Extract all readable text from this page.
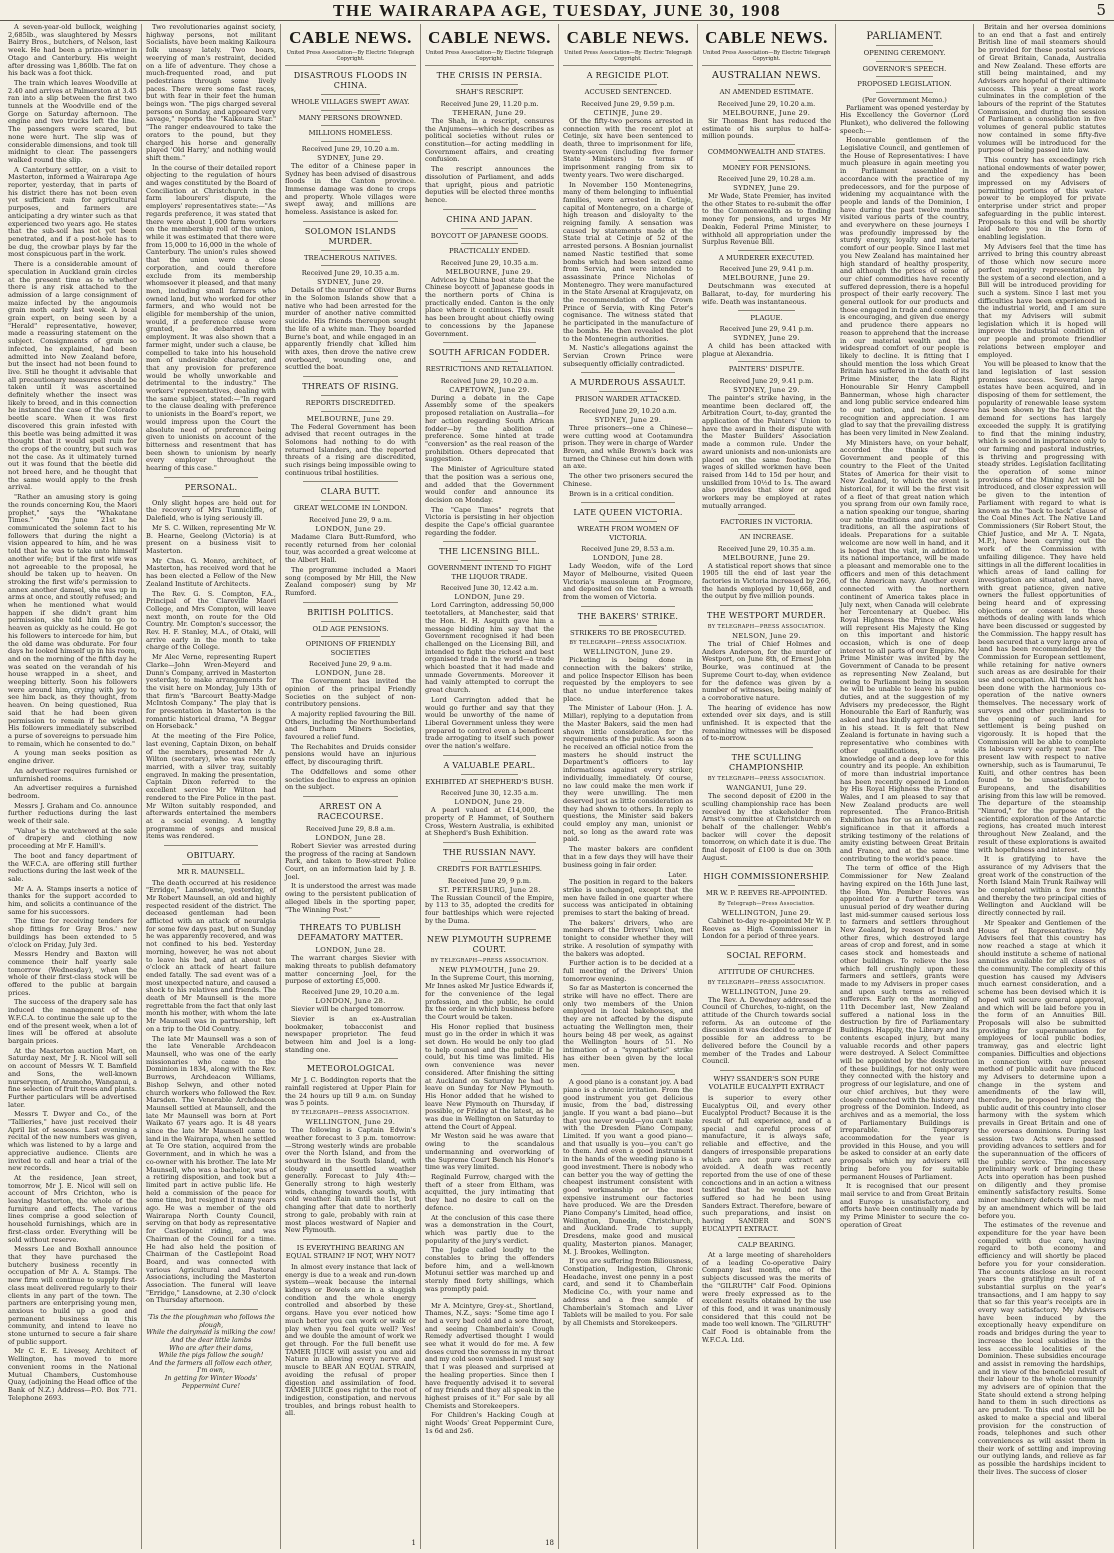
THE WAIRARAPA AGE, TUESDAY, JUNE 30, 1908	5

A seven-year-old bullock, weighing 2,685lb., was slaughtered by Messrs Bairry Bros., butchers, of Nelson, last week. He had been a prize-winner in Otago and Canterbury. His weight after dressing was 1,860lb. The fat on his back was a foot thick.

The train which leaves Woodville at 2.40 and arrives at Palmerston at 3.45 ran into a slip between the first two tunnels at the Woodville end of the Gorge on Saturday afternoon. The engine and two trucks left the line. The passengers were scared, but none were hurt. The slip was of considerable dimensions, and took till midnight to clear. The passengers walked round the slip.

A Canterbury settler, on a visit to Masterton, informed a Wairarapa Age reporter, yesterday, that in parts of his district there has not been even yet sufficient rain for agricultural purposes, and farmers are anticipating a dry winter such as that experienced two years ago. He states that the sub-soil has not yet been penetrated, and if a post-hole has to be dug, the crowbar plays by far the most conspicuous part in the work.

There is a considerable amount of speculation in Auckland grain circles at the present time as to whether there is any risk attached to the admission of a large consignment of maize infected by the angoumois grain moth early last week. A local grain expert, on being seen by a "Herald" representative, however, made a reassuring statement on the subject. Consignments of grain so infected, he explained, had been admitted into New Zealand before, but the insect had not been found to live. Still he thought it advisable that all precautionary measures should be taken until it was ascertained definitely whether the insect was likely to breed, and in this connection he instanced the case of the Colorado beetle scare. When it was first discovered this grain infested with this beetle was being admitted it was thought that it would spell ruin for the crops of the country, but such was not the case. As it ultimately turned out it was found that the beetle did not breed here, and he thought that the same would apply to the fresh arrival.

"Rather an amusing story is going the rounds concerning Kou, the Maori prophet," says the "Whakatane Times." "On June 21st he communicated the solemn fact to his followers that during the night a vision appeared to him, and he was told that he was to take unto himself another wife; but if the first wife was not agreeable to the proposal, he should be taken up to heaven. On stroking the first wife's permission to annex another damsel, she was up in arms at once, and stoutly refused; and when he mentioned what would happen if she didn't grant him permission, she told him to go to heaven as quickly as he could. He got his followers to intercede for him, but the old dame was obdurate. For four days he looked himself up in his room, and on the morning of the fifth day he was seated on the verandah of his house wrapped in a sheet, and weeping bitterly. Soon his followers were around him, crying with joy to see him back, as they thought, from heaven. On being questioned, Rua said that he had been given permission to remain if he wished. His followers immediately subscribed a purse of sovereigns to persuade him to remain, which he consented to do."

A young man seeks position as engine driver.

An advertiser requires furnished or unfurnished rooms.

An advertiser requires a furnished bedroom.

Messrs J. Graham and Co. announce further reductions during the last week of their sale.

"Value" is the watchword at the sale of drapery and clothing now proceeding at Mr F. Hamill's.

The boot and fancy department of the W.F.C.A. are offering still further reductions during the last week of the sale.

Mr A. A. Stamps inserts a notice of thanks for the support accorded to him, and solicits a continuance of the same for his successors.

The time for receiving tenders for shop fittings for Gray Bros.' new buildings has been extended to 5 o'clock on Friday, July 3rd.

Messrs Hendry and Baxton will commence their half yearly sale tomorrow (Wednesday), when the whole of their first-class stock will be offered to the public at bargain prices.

The success of the drapery sale has induced the management of the W.F.C.A. to continue the sale up to the end of the present week, when a lot of lines will be offered at absolute bargain prices.

At the Masterton auction Mart, on Saturday next, Mr J. R. Nicol will sell on account of Messrs W. T. Bamfield and Sons, the well-known nurserymen, of Aramoho, Wanganui, a fine selection of fruit trees and plants. Further particulars will be advertised later.

Messrs T. Dwyer and Co., of the "Tallieries," have just received their April list of seasons. Last evening a recital of the new numbers was given, which was listened to by a large and appreciative audience. Clients are invited to call and hear a trial of the new records.

At the residence, Jean street, tomorrow, Mr J. E. Nicol will sell on account of Mrs Crichton, who is leaving Masterton, the whole of the furniture and effects. The various lines comprise a good selection of household furnishings, which are in first-class order. Everything will be sold without reserve.

Messrs Lee and Boxhall announce that they have purchased the butchery business recently in occupation of Mr A. A. Stamps. The new firm will continue to supply first-class meat delivered regularly to their clients in any part of the town. The partners are enterprising young men, anxious to build up a good and permanent business in this community, and intend to leave no stone unturned to secure a fair share of public support.

Mr C. E. E. Livesey, Architect of Wellington, has moved to more convenient rooms in the National Mutual Chambers, Customhouse Quay, (adjoining the Head office of the Bank of N.Z.) Address—P.O. Box 771. Telephone 2693.

Two revolutionaries against society, highway persons, not militant Socialists, have been making Kaikoura folk uneasy lately. Two boars, weerying of man's restraint, decided on a life of adventure. They chose a much-frequented road, and put pedestrians through some lively paces. There were some fast races, but with fear in their feet the human beings won. "The pigs charged several persons on Sunday, and appeared very savage," reports the "Kaikoura Star." "The ranger endeavoured to take the orators to the pound, but they charged his horse and generally played 'Old Harry,' and nothing would shift them."

In the course of their detailed report objecting to the regulation of hours and wages constituted by the Board of Conciliation at Christchurch in the farm labourers' dispute, the employers' representatives state:—"As regards preference, it was stated that there were about 1,600 farm workers on the membership roll of the union, while it was estimated that there were from 15,000 to 16,000 in the whole of Canterbury. The union's rules showed that the union were a close corporation, and could therefore exclude from its membership whomsoever it pleased, and that many men, including small farmers who owned land, but who worked for other farmers, and who would not be eligible for membership of the union, would, if a preference clause were granted, be debarred from employment. It was also shown that a farmer might, under such a clause, be compelled to take into his household men of undesirable character, and that any provision for preference would be wholly unworkable and detrimental to the industry." The workers' representatives, dealing with the same subject, stated:—"In regard to the clause dealing with preference to unionists in the Board's report, we would impress upon the Court the absolute need of preference being given to unionists on account of the bitterness and resentment that has been shown to unionism by nearly every employer throughout the hearing of this case."

PERSONAL.

Only slight hopes are held out for the recovery of Mrs Tunnicliffe, of Dalefield, who is lying seriously ill.

Mr S. C. Wilken, representing Mr W. B. Hearne, Geelong (Victoria) is at present on a business visit to Masterton.

Mr Chas. G. Monro, architect, of Masterton, has received word that he has been elected a Fellow of the New Zealand Institute of Architects.

The Rev. G. S. Compton, F.A., Principal of the Clareville Maori College, and Mrs Compton, will leave next month, on route for the Old Country. Mr. Compton's successor, the Rev. H. F. Stanley, M.A., of Otaki, will arrive early in the month to take charge of the College.

Mr Alec Verne, representing Rupert Clarke—John Wren-Meyerd and Dunn's Company, arrived in Masterton yesterday, to make arrangements for the visit here on Monday, July 13th of that firm's "Barcourt Beatty-Madge McIntosh Company." The play that is for presentation in Masterton is the romantic historical drama, "A Beggar on Horseback."

At the meeting of the Fire Police, last evening, Captain Dixon, on behalf of the members, presented Mr A. Wilton (secretary), who was recently married, with a silver tray, suitably engraved. In making the presentation, Captain Dixon referred to the excellent service Mr Wilton had rendered to the Fire Police in the past. Mr Wilton suitably responded, and afterwards entertained the members at a social evening. A lengthy programme of songs and musical items was rendered.

OBITUARY.
MR R. MAUNSELL.

The death occurred at his residence "Erridge," Lansdowne, yesterday, of Mr Robert Maunsell, an old and highly respected resident of the district. The deceased gentleman had been afflicted with an attack of neuralgia for some few days past, but on Sunday he was apparently recovered, and was not confined to his bed. Yesterday morning, however, he was not about to leave his bed, and at about ten o'clock an attack of heart failure ended fatally. The sad event was of a most unexpected nature, and caused a shock to his relatives and friends. The death of Mr Maunsell is the more regrettable from the fact that only last month his mother, with whom the late Mr Maunsell was in partnership, left on a trip to the Old Country.

The late Mr Maunsell was a son of the late Venerable Archdeacon Maunsell, who was one of the early missionaries who came to the Dominion in 1834, along with the Rev. Burrows, Archdeacon Williams, Bishop Selwyn, and other noted church workers who followed the Rev. Marsden. The Venerable Archdeacon Maunsell settled at Maunsell, and the late Mr Maunsell was born at Port Waikato 67 years ago. It is 48 years since the late Mr Maunsell came to land in the Wairarapa, when he settled at Te Ore station, acquired from the Government, and in which he was a co-owner with his brother. The late Mr Maunsell, who was a bachelor, was of a retiring disposition, and took but a limited part in active public life. He held a commission of the peace for some time, but resigned it many years ago. He was a member of the old Wairarapa North County Council, serving on that body as representative for Castlepoint riding, and was Chairman of the Council for a time. He had also held the position of Chairman of the Castlepoint Road Board, and was connected with various Agricultural and Pastoral Associations, including the Masterton Association. The funeral will leave "Erridge," Lansdowne, at 2.30 o'clock on Thursday afternoon.

'Tis the the ploughman who follows the plough,
While the dairymaid is milking the cow!
And the dear little lambs
Who are after their dams,
While the pigs follow the sough!
And the farmers all follow each other,
I'm own,
In getting for Winter Woods' Peppermint Cure!
CABLE NEWS.
United Press Association—By Electric Telegraph Copyright.
DISASTROUS FLOODS IN CHINA.
WHOLE VILLAGES SWEPT AWAY.
MANY PERSONS DROWNED.
MILLIONS HOMELESS.
Received June 29, 10.20 a.m.
SYDNEY, June 29.

The editor of a Chinese paper in Sydney has been advised of disastrous floods in the Canton province. Immense damage was done to crops and property. Whole villages were swept away, and millions are homeless. Assistance is asked for.

SOLOMON ISLANDS MURDER.
TREACHEROUS NATIVES.
Received June 29, 10.35 a.m.
SYDNEY, June 29.

Details of the murder of Oliver Burns in the Solomon Islands show that a native who had been arrested for the murder of another native committed suicide. His friends thereupon sought the life of a white man. They boarded Burne's boat, and while engaged in an apparently friendly chat killed him with axes, then drove the native crew overboard, wounding one, and scuttled the boat.

THREATS OF RISING.
REPORTS DISCREDITED.
MELBOURNE, June 29.

The Federal Government has been advised that recent outrages in the Solomons had nothing to do with returned Islanders, and the reported threats of a rising are discredited, such risings being impossible owing to continuous tribal hostilities.

CLARA BUTT.
GREAT WELCOME IN LONDON.
Received June 29, 9 a.m.
LONDON, June 29.

Madame Clara Butt-Rumford, who recently returned from her colonial tour, was accorded a great welcome at the Albert Hall.

The programme included a Maori song (composed by Mr Hill, the New Zealand composer) sung by Mr Rumford.

BRITISH POLITICS.
OLD AGE PENSIONS.
OPINIONS OF FRIENDLY SOCIETIES
Received June 29, 9 a.m.
LONDON, June 28.

The Government has invited the opinion of the principal Friendly Societies on the subject of non-contributory pensions.

A majority replied favouring the Bill. Others, including the Northumberland and Durham Miners Societies, favoured a relief fund.

The Rechabites and Druids consider pensions would have an injurious effect, by discouraging thrift.

The Oddfellows and some other societies decline to express an opinion on the subject.

ARREST ON A RACECOURSE.
Received June 29, 8.8 a.m.
LONDON, June 28.

Robert Sievier was arrested during the progress of the racing at Sandown Park, and taken to Bow-street Police Court, on an information laid by J. B. Joel.

It is understood the arrest was made owing to the persistent publication of alleged libels in the sporting paper, "The Winning Post."

THREATS TO PUBLISH DEFAMATORY MATTER.
LONDON, June 28.

The warrant charges Sievier with making threats to publish defamatory matter concerning Joel, for the purpose of extorting £5,000.

Received June 29, 10.20 a.m.
LONDON, June 28.

Sievier will be charged tomorrow.

Sievier is an ex-Australian bookmaker, tobacconist and newspaper proprietor. The feud between him and Joel is a long-standing one.

METEOROLOGICAL

Mr J. C. Boddington reports that the rainfall registered at Upper Plain for the 24 hours up till 9 a.m. on Sunday was 5 points.

BY TELEGRAPH—PRESS ASSOCIATION.
WELLINGTON, June 29.

The following is Captain Edwin's weather forecast to 3 p.m. tomorrow:—Strong westerly winds are probable over the North Island, and from the southward in the South Island, with cloudy and unsettled weather generally. Forecast to July 4th:—Generally strong to high westerly winds, changing towards south, with cold weather. Rain until the 1st, but changing after that date to northerly strong to gale, probably with rain at most places westward of Napier and New Plymouth.

IS EVERYTHING BEARING AN EQUAL STRAIN? IF NOT, WHY NOT?

In almost every instance that lack of energy is due to a weak and run-down system—weak because the internal kidneys or Bowels are in a sluggish condition and the whole energy controlled and absorbed by these organs. Have you ever noticed how much better you can work or walk or play when you feel quite well? Yes! and we double the amount of work we get through. For the full benefit use TAMER JUICE will assist you and aid Nature in allowing every nerve and muscle to BEAR AN EQUAL STRAIN, avoiding the refusal of proper digestion and assimilation of food. TAMER JUICE goes right to the root of indigestion, constipation, and nervous troubles, and brings robust health to all.

1
CABLE NEWS.
United Press Association—By Electric Telegraph Copyright.
THE CRISIS IN PERSIA.
SHAH'S RESCRIPT.
Received June 29, 11.20 p.m.
TEHERAN, June 29.

The Shah, in a rescript, censures the Anjumens—which he describes as political societies without rules or constitution—for acting meddling in Government affairs, and creating confusion.

The rescript announces the dissolution of Parliament, and adds that upright, pious and patriotic deputies will be elected three months hence.

CHINA AND JAPAN.
BOYCOTT OF JAPANESE GOODS.
PRACTICALLY ENDED.
Received June 29, 10.35 a.m.
MELBOURNE, June 29.

Advices by China boat state that the Chinese boycott of Japanese goods in the northern ports of China is practically ended. Canton is the only place where it continues. This result has been brought about chiefly owing to concessions by the Japanese Government.

SOUTH AFRICAN FODDER.
RESTRICTIONS AND RETALIATION.
Received June 29, 10.20 a.m.
CAPETOWN, June 29.

During a debate in the Cape Assembly some of the speakers proposed retaliation on Australia—for her action regarding South African fodder—by the abolition of preference. Some hinted at trade "conversion" as the real reason of the prohibition. Others deprecated that suggestion.

The Minister of Agriculture stated that the position was a serious one, and added that the Government would confer and announce its decision on Monday.

The "Cape Times" regrets that Victoria is persisting in her objection despite the Cape's official guarantee regarding the fodder.

THE LICENSING BILL.
GOVERNMENT INTEND TO FIGHT THE LIQUOR TRADE.
Received June 30, 12.42 a.m.
LONDON, June 29.

Lord Carrington, addressing 50,000 teetotallers, at Manchester, said that the Hon. H. H. Asquith gave him a message bidding him say that the Government recognised it had been challenged on the Licensing Bill, and intended to fight the richest and best organised trade in the world—a trade which boasted that it had made and unmade Governments. Moreover it had vainly attempted to corrupt the great church.

Lord Carrington added that he would go further and say that they would be unworthy of the name of Liberal Government unless they were prepared to control even a beneficent trade arrogating to itself such power over the nation's welfare.

A VALUABLE PEARL.
EXHIBITED AT SHEPHERD'S BUSH.
Received June 30, 12.35 a.m.
LONDON, June 29.

A pearl valued at £14,000, the property of P. Hammet, of Southern Cross, Western Australia, is exhibited at Shepherd's Bush Exhibition.

THE RUSSIAN NAVY.
CREDITS FOR BATTLESHIPS.
Received June 29, 9 p.m.
ST. PETERSBURG, June 28.

The Russian Council of the Empire, by 113 to 35, adopted the credits for four battleships which were rejected by the Duma.

NEW PLYMOUTH SUPREME COURT.
BY TELEGRAPH—PRESS ASSOCIATION.
NEW PLYMOUTH, June 29.

In the Supreme Court, this morning, Mr Innes asked Mr Justice Edwards if, for the convenience of the legal profession, and the public, he could fix the order in which business before the Court would be taken.

His Honor replied that business must go in the order in which it was set down. He would be only too glad to help counsel and the public if he could, but his time was limited. His own convenience was never considered. After finishing the sitting at Auckland on Saturday he had to leave on Sunday for New Plymouth. His Honor added that he wished to leave New Plymouth on Thursday, if possible, or Friday at the latest, as he was due in Wellington on Saturday to attend the Court of Appeal.

Mr Weston said he was aware that owing to the scandalous undermanning and overworking of the Supreme Court Bench his Honor's time was very limited.

Reginald Furrow, charged with the theft of a steer from Eltham, was acquitted, the jury intimating that they had no desire to call on the defence.

At the conclusion of this case there was a demonstration in the Court, which was partly due to the popularity of the jury's verdict.

The Judge called loudly to the constables to bring the offenders before him, and a well-known Motunui settler was marched up and sternly fined forty shillings, which was promptly paid.

Mr A. Mcintyre, Grey-st., Shortland, Thames, N.Z., says: "Some time ago I had a very bad cold and a sore throat, and seeing Chamberlain's Cough Remedy advertised thought I would see what it would do for me. A few doses cured the soreness in my throat and my cold soon vanished. I must say that I was pleased and surprised at the healing properties. Since then I have frequently advised it to several of my friends and they all speak in the highest praises of it." For sale by all Chemists and Storekeepers.

For Children's Hacking Cough at night Woods' Great Peppermint Cure, 1s 6d and 2s6.

18
CABLE NEWS.
United Press Association—By Electric Telegraph Copyright.
A REGICIDE PLOT.
ACCUSED SENTENCED.
Received June 29, 9.59 p.m.
CETINJE, June 29.

Of the fifty-two persons arrested in connection with the recent plot at Cetinje, six have been sentenced to death, three to imprisonment for life, twenty-seven (including five former State Ministers) to terms of imprisonment ranging from six to twenty years. Two were discharged.

In November 150 Montenegrins, many of them belonging to influential families, were arrested in Cetinje, capital of Montenegro, on a charge of high treason and disloyalty to the reigning family. A sensation was caused by statements made at the State trial at Cetinje of 52 of the arrested persons. A Bosnian journalist named Nastic testified that some bombs which had been seized came from Servia, and were intended to assassinate Prince Nicholas of Montenegro. They were manufactured in the State Arsenal at Kragujevatz, on the recommendation of the Crown Prince of Servia, with King Peter's cognisance. The witness stated that he participated in the manufacture of the bombs. He then revealed the plot to the Montenegrin authorities.

M. Nastic's allegations against the Servian Crown Prince were subsequently officially contradicted.

A MURDEROUS ASSAULT.
PRISON WARDER ATTACKED.
Received June 29, 10.20 a.m.
SYDNEY, June 29.

Three prisoners—one a Chinese—were cutting wood at Cootamundra prison. They were in charge of Warder Brown, and while Brown's back was turned the Chinese cut him down with an axe.

The other two prisoners secured the Chinese.

Brown is in a critical condition.

LATE QUEEN VICTORIA.
WREATH FROM WOMEN OF VICTORIA.
Received June 29, 8.53 a.m.
LONDON, June 28.

Lady Weedon, wife of the Lord Mayor of Melbourne, visited Queen Victoria's mausoleum at Frogmore, and deposited on the tomb a wreath from the women of Victoria.

THE BAKERS' STRIKE.
STRIKERS TO BE PROSECUTED.
BY TELEGRAPH—PRESS ASSOCIATION.
WELLINGTON, June 29.

Picketing is being done in connection with the bakers' strike, and police Inspector Ellison has been requested by the employers to see that no undue interference takes place.

The Minister of Labour (Hon. J. A. Millar), replying to a deputation from the Master Bakers, said the men had shown little consideration for the requirements of the public. As soon as he received an official notice from the masters he should instruct the Department's officers to lay informations against every striker, individually, immediately. Of course, no law could make the men work if they were unwilling. The men deserved just as little consideration as they had shown to others. In reply to questions, the Minister said bakers could employ any man, unionist or not, so long as the award rate was paid.

The master bakers are confident that in a few days they will have their business going in fair order.

Later.

The position in regard to the bakers strike is unchanged, except that the men have failed in one quarter where success was anticipated in obtaining premises to start the baking of bread.

The bakers' drivers, who are members of the Drivers' Union, met tonight to consider whether they will strike. A resolution of sympathy with the bakers was adopted.

Further action is to be decided at a full meeting of the Drivers' Union tomorrow evening.

So far as Masterton is concerned the strike will have no effect. There are only two members of the Union employed in local bakehouses, and they are not affected by the dispute actuating the Wellington men, their hours being 48 per week, as against the Wellington hours of 51. No intimation of a "sympathetic" strike has either been given by the local men.

A good piano is a constant joy. A bad piano is a chronic irritation. From the good instrument you get delicious music, from the bad, distressing jangle. If you want a bad piano—but that you never would—you can't make with the Dresden Piano Company, Limited. If you want a good piano—and that usually is you—you can't go to them. And even a good instrument in the hands of the weeding piano is a good investment. There is nobody who can better you the way of getting the cheapest instrument consistent with good workmanship or the most expensive instrument our factories have produced. We are the Dresden Piano Company's Limited, head office, Wellington, Dunedin, Christchurch, and Auckland. Trade to supply Dresdens, make good and musical quality, Masterton pianos. Manager, M. J. Brookes, Wellington.

If you are suffering from Biliousness, Constipation, Indigestion, Chronic Headache, invest one penny in a post card, and send it to Chamberlain Medicine Co., with your name and address and a free sample of Chamberlain's Stomach and Liver Tablets will be mailed to you. For sale by all Chemists and Storekeepers.

CABLE NEWS.
United Press Association—By Electric Telegraph Copyright.
AUSTRALIAN NEWS.
AN AMENDED ESTIMATE.
Received June 29, 10.20 a.m.
MELBOURNE, June 29.

Sir Thomas Bent has reduced the estimate of his surplus to half-a-million pounds.

COMMONWEALTH AND STATES.
MONEY FOR PENSIONS.
Received June 29, 10.28 a.m.
SYDNEY, June 29.

Mr Wade, State Premier, has invited the other States to re-submit the offer to the Commonwealth as to finding money for pensions, and urges Mr Deakin, Federal Prime Minister, to withhold all appropriation under the Surplus Revenue Bill.

A MURDERER EXECUTED.
Received June 29, 9.41 p.m.
MELBOURNE, June 29.

Deutschmann was executed at Ballarat, to-day, for murdering his wife. Death was instantaneous.

PLAGUE.
Received June 29, 9.41 p.m.
SYDNEY, June 29.

A child has been attacked with plague at Alexandria.

PAINTERS' DISPUTE.
Received June 29, 9.41 p.m.
SYDNEY, June 29.

The painter's strike having, in the meantime been declared off, the Arbitration Court, to-day, granted the application of the Painters' Union to have the award in their dispute with the Master Builders' Association made a common rule. Under the award unionists and non-unionists are placed on the same footing. The wages of skilled workmen have been raised from 14d to 15d per hour, and unskilled from 10½d to 1s. The award also provides that slow or aged workers may be employed at rates mutually arranged.

FACTORIES IN VICTORIA.
AN INCREASE.
Received June 29, 10.35 a.m.
MELBOURNE, June 29.

A statistical report shows that since 1905 till the end of last year the factories in Victoria increased by 266, the hands employed by 10,668, and the output by five million pounds.

THE WESTPORT MURDER.
BY TELEGRAPH—PRESS ASSOCIATION.
NELSON, June 29.

The trial of Chief Holmes and Anders Anderson, for the murder of Westport, on June 8th, of Ernest John Bourke, was continued at the Supreme Court to-day, when evidence for the defence was given by a number of witnesses, being mainly of a corroborative nature.

The hearing of evidence has now extended over six days, and is still unfinished. It is expected that the remaining witnesses will be disposed of to-morrow.

THE SCULLING CHAMPIONSHIP.
BY TELEGRAPH—PRESS ASSOCIATION.
WANGANUI, June 29.

The second deposit of £200 in the sculling championship race has been received by the stakeholder from Arnst's committee at Christchurch on behalf of the challenger. Webb's backer will cover the deposit tomorrow, on which date it is due. The final deposit of £100 is due on 30th August.

HIGH COMMISSIONERSHIP.
MR W. P. REEVES RE-APPOINTED.
By Telegraph—Press Association.
WELLINGTON, June 29.

Cabinet to-day re-appointed Mr W. P. Reeves as High Commissioner in London for a period of three years.

SOCIAL REFORM.
ATTITUDE OF CHURCHES.
BY TELEGRAPH—PRESS ASSOCIATION.
WELLINGTON, June 29.

The Rev. A. Dewdney addressed the Council of Churches, to-night, on the attitude of the Church towards social reform. As an outcome of the discussion it was decided to arrange if possible for an address to be delivered before the Council by a member of the Trades and Labour Council.

WHY? SSANDER'S SON PURE VOLATILE EUCALYPTI EXTRACT

is superior to every other Eucalyptus Oil, and every other Eucalyptol Product? Because it is the result of full experience, and of a special and careful process of manufacture, it is always safe, reliable and effective, and the dangers of irresponsible preparations which are not pure extract are avoided. A death was recently reported from the use of one of these concoctions and in an action a witness testified that he would not have suffered so had he been using Sanders Extract. Therefore, beware of such preparations, and insist on having SANDER and SON'S EUCALYPTI EXTRACT.

CALP BEARING.

At a large meeting of shareholders of a leading Co-operative Dairy Company last month, one of the subjects discussed was the merits of the "GILRUTH" Calf Food. Opinions were freely expressed as to the excellent results obtained by the use of this food, and it was unanimously considered that this could not be made too well known. The "GILRUTH" Calf Food is obtainable from the W.F.C.A. Ltd.

PARLIAMENT.
OPENING CEREMONY.
GOVERNOR'S SPEECH.
PROPOSED LEGISLATION.
(Per Government Memo.)

Parliament was opened yesterday by His Excellency the Governor (Lord Plunket), who delivered the following speech:—

Honourable gentlemen of the Legislative Council, and gentlemen of the House of Representatives: I have much pleasure in again meeting you in Parliament assembled in accordance with the practice of my predecessors, and for the purpose of widening my acquaintance with the people and lands of the Dominion, I have during the past twelve months visited various parts of the country, and everywhere on these journeys I was profoundly impressed by the sturdy energy, loyalty and material comfort of our people. Since I last met you New Zealand has maintained her high standard of healthy prosperity, and although the prices of some of our chief commodities have recently suffered depression, there is a hopeful prospect of their early recovery. The general outlook for our products and those engaged in trade and commerce is encouraging, and given due energy and prudence there appears no reason to apprehend that the increase in our material wealth and the widespread comfort of our people is likely to decline. It is fitting that I should mention the loss which Great Britain has suffered in the death of its Prime Minister, the late Right Honourable Sir Henry Campbell Bannerman, whose high character and long public service endeared him to our nation, and now deserve recognition and appreciation. I am glad to say that the prevailing distress has been very limited in New Zealand.

My Ministers have, on your behalf, accorded the thanks of the Government and people of this country to the Fleet of the United States of America for their visit to New Zealand, to which the event is historical, for it will be the first visit of a fleet of that great nation which you sprang from our own family race, a nation speaking our tongue, sharing our noble traditions and our noblest traditions, an all the aspirations of ideals. Preparations for a suitable welcome are now well in hand, and it is hoped that the visit, in addition to its national importance, will be made a pleasant and memorable one to the officers and men of this detachment of the American navy. Another event connected with the northern continent of America takes place in July next, when Canada will celebrate her Tercentenary at Quebec. His Royal Highness the Prince of Wales will represent His Majesty the King on this important and historic occasion, which is one of deep interest to all parts of our Empire. My Prime Minister was invited by the Government of Canada to be present as representing New Zealand, but owing to Parliament being in session he will be unable to leave his public duties, and at the suggestion of my Advisers my predecessor, the Right Honourable the Earl of Ranfurly, was asked and has kindly agreed to attend in his stead. It is felt that New Zealand is fortunate in having such a representative who combines with other qualifications, a wide knowledge of and a deep love for this country and its people. An exhibition of more than industrial importance has been recently opened in London by His Royal Highness the Prince of Wales, and I am pleased to say that New Zealand products are well represented. The Franco-British Exhibition has for us an international significance in that it affords a striking testimony of the relations of amity existing between Great Britain and France, and at the same time contributing to the world's peace.

The term of office of the High Commissioner for New Zealand having expired on the 16th June last, the Hon. Wm. Pember Reeves was appointed for a further term. An unusual period of dry weather during last mid-summer caused serious loss to farmers and settlers throughout New Zealand, by reason of bush and other fires, which destroyed large areas of crop and forest, and in some cases stock and homesteads and other buildings. To relieve the loss which fell crushingly upon these farmers and settlers, grants were made to my Advisers in proper cases and upon such terms as relieved sufferers. Early on the morning of 11th December last, New Zealand suffered a national loss in the destruction by fire of Parliamentary Buildings. Happily, the Library and its contents escaped injury, but many valuable records and other papers were destroyed. A Select Committee will be appointed by the destruction of these buildings, for not only were they connected with the history and progress of our legislature, and one of our chief archives, but they were closely connected with the history and progress of the Dominion. Indeed, as archives and as a memorial, the loss of Parliamentary Buildings is irreparable. Temporary accommodation for the year is provided in this House, and you will be asked to consider at an early date proposals which my advisers will bring before you for suitable permanent Houses of Parliament.

It is recognised that our present mail service to and from Great Britain and Europe is unsatisfactory, and efforts have been continually made by my Prime Minister to secure the co-operation of Great

Britain and her oversea dominions to an end that a fast and entirely British line of mail steamers should be provided for these postal services of Great Britain, Canada, Australia and New Zealand. These efforts are still being maintained, and my Advisers are hopeful of their ultimate success. This year a great work culminates in the completion of the labours of the reprint of the Statutes Commission, and during the session of Parliament a consolidation in five volumes of general public statutes now contained in some fifty-five volumes will be introduced for the purpose of being passed into law.

This country has exceedingly rich national endowments of water power, and the expediency has been impressed on my Advisers of permitting portions of this water-power to be employed for private enterprise under strict and proper safeguarding in the public interest. Proposals to this end will be shortly laid before you in the form of enabling legislation.

My Advisers feel that the time has arrived to bring this country abreast of those which now secure more perfect majority representation by the system of a second election, and a Bill will be introduced providing for such a system. Since I last met you difficulties have been experienced in the industrial world, and I am sure that my Advisers will submit legislation which it is hoped will improve the industrial condition of our people and promote friendlier relations between employer and employed.

You will be pleased to know that the land legislation of last session promises success. Several large estates have been acquired, and in disposing of them for settlement, the popularity of renewable lease system has been shown by the fact that the demand for sections has largely exceeded the supply. It is gratifying to find that the mining industry, which is second in importance only to our farming and pastoral industries, is thriving and progressing with steady strides. Legislation facilitating the operation of some minor provisions of the Mining Act will be introduced, and closer expression will be given to the intention of Parliament with regard to what is known as the "back to back" clause of the Coal Mines Act. The Native Land Commissioners (Sir Robert Stout, the Chief Justice, and Mr A. T. Ngata, M.P.), have been carrying out the work of the Commission with unfailing diligence. They have held sittings in all the different localities in which areas of land calling for investigation are situated, and have, with great patience, given native owners the fullest opportunities of being heard and of expressing objections or consent to these methods of dealing with lands which have been discussed or suggested by the Commission. The happy result has been secured that a very large area of land has been recommended by the Commission for European settlement, while retaining for native owners such areas as are desirable for their use and occupation. All this work has been done with the harmonious co-operation of the native owners themselves. The necessary work of surveys and other preliminaries to the opening of such land for settlement is being pushed on vigorously. It is hoped that the Commission will be able to complete its labours very early next year. The present law with respect to native ownership, such as is Taumarunui, Te Kuiti, and other centres has been found to be unsatisfactory to Europeans, and the disabilities arising from this law will be removed. The departure of the steamship "Nimrod," for the purpose of the scientific exploration of the Antarctic regions, has created much interest throughout New Zealand, and the result of these explorations is awaited with hopefulness and interest.

It is gratifying to have the assurance of my Advisers that the great work of the construction of the North Island Main Trunk Railway will be completed within a few months and thereby the two principal cities of Wellington and Auckland will be directly connected by rail.

Mr Speaker and Gentlemen of the House of Representatives: My Advisers feel that this country has now reached a stage at which it should institute a scheme of national annuities available for all classes of the community. The complexity of this question has caused my Advisers much earnest consideration, and a scheme has been devised which it is hoped will secure general approval, and which will be laid before you in the form of an Annuities Bill. Proposals will also be submitted providing for superannuation for employees of local public bodies, tramway, gas and electric light companies. Difficulties and objections in connection with our present method of public audit have induced my Advisers to determine upon a change in the system and amendments of the law will, therefore, be proposed bringing the public audit of this country into closer harmony with the system which prevails in Great Britain and one of the overseas dominions. During last session two Acts were passed providing advances to settlers and for the superannuation of the officers of the public service. The necessary preliminary work of bringing these Acts into operation has been pushed on diligently and they promise eminently satisfactory results. Some minor machinery defects will be met by an amendment which will be laid before you.

The estimates of the revenue and expenditure for the year have been compiled with due care, having regard to both economy and efficiency and will shortly be placed before you for your consideration. The accounts disclose an in recent years the gratifying result of a substantial surplus on the year's transactions, and I am happy to say that so far this year's receipts are in every way satisfactory. My Advisers have been induced by the exceptionally heavy expenditure on roads and bridges during the year to increase the local subsidies in the less accessible localities of the Dominion. These subsidies encourage and assist in removing the hardships, and in view of the beneficial result of their labour to the whole community my advisers are of opinion that the State should extend a strong helping hand to them in such directions as are prudent. To this end you will be asked to make a special and liberal provision for the construction of roads, telephones and such other conveniences as will assist them in their work of settling and improving our outlying lands, and relieve as far as possible the hardships incident to their lives. The success of closer
